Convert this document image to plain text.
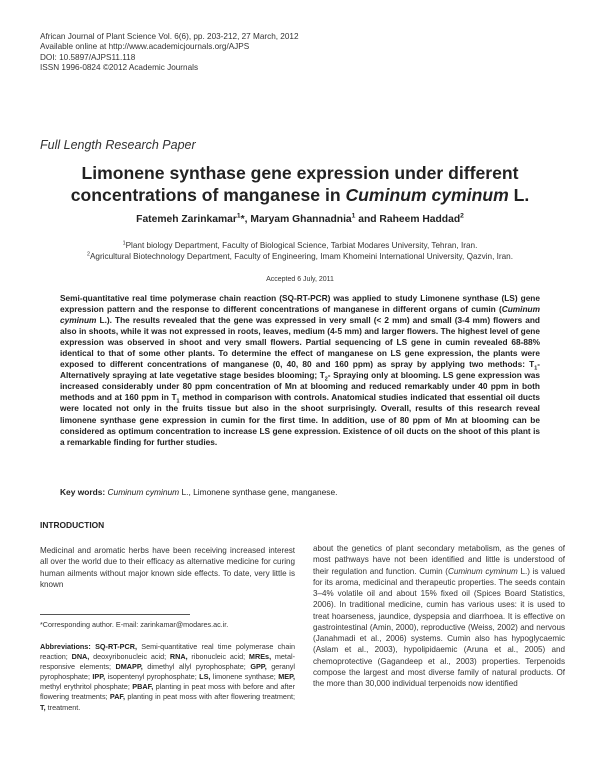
African Journal of Plant Science Vol. 6(6), pp. 203-212, 27 March, 2012
Available online at http://www.academicjournals.org/AJPS
DOI: 10.5897/AJPS11.118
ISSN 1996-0824 ©2012 Academic Journals
Full Length Research Paper
Limonene synthase gene expression under different
concentrations of manganese in Cuminum cyminum L.
Fatemeh Zarinkamar$^1$*, Maryam Ghannadnia$^1$ and Raheem Haddad$^2$
$^1$Plant biology Department, Faculty of Biological Science, Tarbiat Modares University, Tehran, Iran.
$^2$Agricultural Biotechnology Department, Faculty of Engineering, Imam Khomeini International University, Qazvin, Iran.
Accepted 6 July, 2011
Semi-quantitative real time polymerase chain reaction (SQ-RT-PCR) was applied to study Limonene synthase (LS) gene expression pattern and the response to different concentrations of manganese in different organs of cumin (Cuminum cyminum L.). The results revealed that the gene was expressed in very small (< 2 mm) and small (3-4 mm) flowers and also in shoots, while it was not expressed in roots, leaves, medium (4-5 mm) and larger flowers. The highest level of gene expression was observed in shoot and very small flowers. Partial sequencing of LS gene in cumin revealed 68-88% identical to that of some other plants. To determine the effect of manganese on LS gene expression, the plants were exposed to different concentrations of manganese (0, 40, 80 and 160 ppm) as spray by applying two methods: $T_1-$ Alternatively spraying at late vegetative stage besides blooming; $T_2-$ Spraying only at blooming. LS gene expression was increased considerably under 80 ppm concentration of Mn at blooming and reduced remarkably under 40 ppm in both methods and at 160 ppm in $T_1$ method in comparison with controls. Anatomical studies indicated that essential oil ducts were located not only in the fruits tissue but also in the shoot surprisingly. Overall, results of this research reveal limonene synthase gene expression in cumin for the first time. In addition, use of 80 ppm of Mn at blooming can be considered as optimum concentration to increase LS gene expression. Existence of oil ducts on the shoot of this plant is a remarkable finding for further studies.
Key words: Cuminum cyminum L., Limonene synthase gene, manganese.
INTRODUCTION
Medicinal and aromatic herbs have been receiving increased interest all over the world due to their efficacy as alternative medicine for curing human ailments without major known side effects. To date, very little is known
*Corresponding author. E-mail: zarinkamar@modares.ac.ir.
Abbreviations: SQ-RT-PCR, Semi-quantitative real time polymerase chain reaction; DNA, deoxyribonucleic acid; RNA, ribonucleic acid; MREs, metal-responsive elements; DMAPP, dimethyl allyl pyrophosphate; GPP, geranyl pyrophosphate; IPP, isopentenyl pyrophosphate; LS, limonene synthase; MEP, methyl erythritol phosphate; PBAF, planting in peat moss with before and after flowering treatments; PAF, planting in peat moss with after flowering treatment; T, treatment.
about the genetics of plant secondary metabolism, as the genes of most pathways have not been identified and little is understood of their regulation and function. Cumin (Cuminum cyminum L.) is valued for its aroma, medicinal and therapeutic properties. The seeds contain 3–4% volatile oil and about 15% fixed oil (Spices Board Statistics, 2006). In traditional medicine, cumin has various uses: it is used to treat hoarseness, jaundice, dyspepsia and diarrhoea. It is effective on gastrointestinal (Amin, 2000), reproductive (Weiss, 2002) and nervous (Janahmadi et al., 2006) systems. Cumin also has hypoglycaemic (Aslam et al., 2003), hypolipidaemic (Aruna et al., 2005) and chemoprotective (Gagandeep et al., 2003) properties. Terpenoids compose the largest and most diverse family of natural products. Of the more than 30,000 individual terpenoids now identified
